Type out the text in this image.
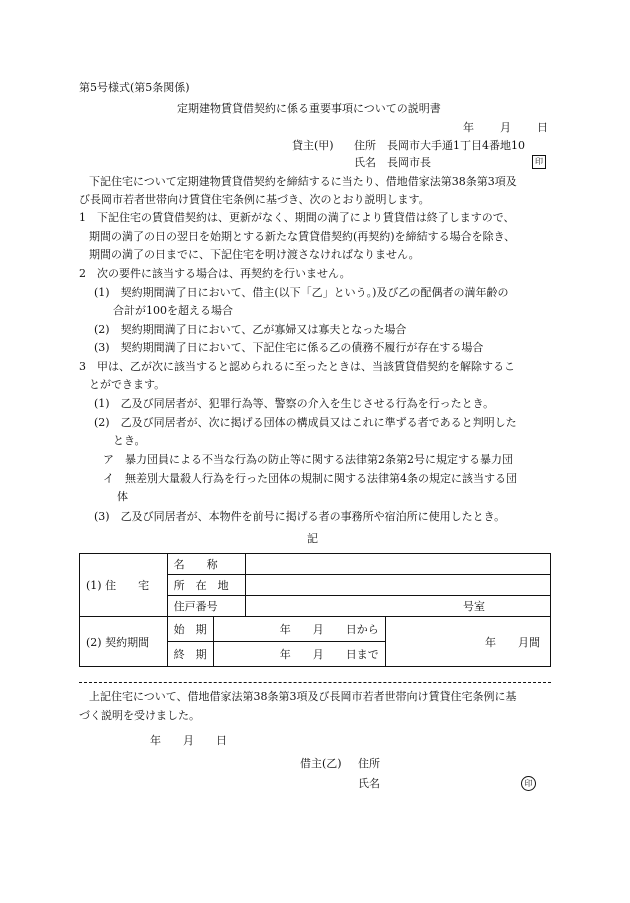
第5号様式(第5条関係)
定期建物賃貸借契約に係る重要事項についての説明書
年 月 日
貸主(甲) 住所 長岡市大手通1丁目4番地10
氏名 長岡市長	印
下記住宅について定期建物賃貸借契約を締結するに当たり、借地借家法第38条第3項及
び長岡市若者世帯向け賃貸住宅条例に基づき、次のとおり説明します。
1　下記住宅の賃貸借契約は、更新がなく、期間の満了により賃貸借は終了しますので、
期間の満了の日の翌日を始期とする新たな賃貸借契約(再契約)を締結する場合を除き、
期間の満了の日までに、下記住宅を明け渡さなければなりません。
2　次の要件に該当する場合は、再契約を行いません。
(1)　契約期間満了日において、借主(以下「乙」という。)及び乙の配偶者の満年齢の
合計が100を超える場合
(2)　契約期間満了日において、乙が寡婦又は寡夫となった場合
(3)　契約期間満了日において、下記住宅に係る乙の債務不履行が存在する場合
3　甲は、乙が次に該当すると認められるに至ったときは、当該賃貸借契約を解除するこ
とができます。
(1)　乙及び同居者が、犯罪行為等、警察の介入を生じさせる行為を行ったとき。
(2)　乙及び同居者が、次に掲げる団体の構成員又はこれに準ずる者であると判明した
とき。
ア　暴力団員による不当な行為の防止等に関する法律第2条第2号に規定する暴力団
イ　無差別大量殺人行為を行った団体の規制に関する法律第4条の規定に該当する団
体
(3)　乙及び同居者が、本物件を前号に掲げる者の事務所や宿泊所に使用したとき。
記
(1) 住　　宅	名　　称			
	所　在　地			
	住戸番号		号室	
(2) 契約期間	始　期	年　　月　　日から		年　　月間
	終　期	年　　月　　日まで		
上記住宅について、借地借家法第38条第3項及び長岡市若者世帯向け賃貸住宅条例に基
づく説明を受けました。
年　　月　　日
借主(乙) 住所
氏名	印
